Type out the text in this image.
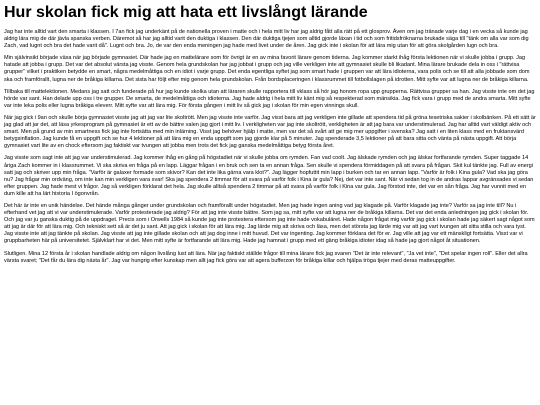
Hur skolan fick mig att hata ett livslångt lärande

Jag har inte alltid vart den smarta i klassen. I 7an fick jag underkänt på de nationella proven i matte och i hela mitt liv har jag aldrig fått alla rätt på ett glosprov. Även om jag tränade varje dag i en vecka så kunde jag aldrig lära mig de där jävla spanska verben. Däremot så har jag alltid varit den duktiga i klassen. Den där duktiga tjejen som alltid gjorde läxan i tid och som fritidsfröknarna brukade säga till "tänk om alla var som dig Zach, vad lugnt och bra det hade varit då". Lugnt och bra. Jo, de var den enda meningen jag hade med livet under de åren. Jag gick inte i skolan för att lära mig utan för att göra skolgården lugn och bra.

Min självinsikt började växa när jag började gymnasiet. Där hade jag en mattelärare som för övrigt är en av mina favorit lärare genom tiderna. Jag kommer starkt ihåg första lektionen när vi skulle jobba i grupp. Jag hatade att jobba i grupp. Det var det absolut värsta jag visste. Genom hela grundskolan har jag jobbat i grupp och jag ville verkligen inte att gymnasiet skulle bli likadant. Mina lärare brukade dela in oss i "rättvisa grupper" vilket i praktiken betydde en smart, några medelmåttiga och en idiot i varje grupp. Det enda egentliga syftet jag som smart hade i gruppen var att lära idioterna, vara polis och se till att alla jobbade som dom ska och framförallt, lugna ner de bråkiga killarna. Det sista har följt efter mig genom hela grundskolan. Från bordsplaceringen i klassrummet till fotbollslagen på idrotten. Mitt syfte var att lugna ner de bråkiga killarna.

Tillbaka till mattelektionen. Medans jag satt och funderade på hur jag kunde skolka utan att läraren skulle rapportera till vklass så hör jag honom ropa upp grupperna. Rättvisa grupper sa han. Jag visste inte om det jag hörde var sant. Han delade upp oss i tre grupper. De smarta, de medelmåttiga och idioterna. Jag hade aldrig i hela mitt liv känt mig så respekterad som mänsikia. Jag fick vara i grupp med de andra smarta. Mitt syfte var inte leka polis eller lugna bråkiga eleverr. Mitt syfte var att lära mig. För första gången i mitt liv så gick jag i skolan för min egen vinnings skull.

När jag gick i 9an och skulle börja gymnasiet visste jag att jag var lite skoltrött. Men jag visste inte varför. Jag visst bara att jag verkligen inte gillade att spendera tid på gröna tesetriska sakier i skolbänken. På ett sätt är jag glad att jar det, att läsa yrkesprogram på gymnasiet är ett av de bättre valen jag gjort i mitt liv. I verkligheten var jag inte skoltrött, verkligheten är att jag bara var understimulerad. Jag har alltid vart väldigt aktiv och smart. Men på grund av min smartness fick jag inte fortsätta med min inlärning. Visst jag behöver hjälp i matte, men var det så svårt att ge mig mer uppgifter i svenska? Jag satt i en liten klass med en fruktansvärd betygsinflation. Jag kunde få en uppgift och se hur 4 lektioner på att lära mig en enda uppgift som jag gjorde klar på 5 minuter. Jag spenderade 3,5 lektioner på att bara sitta och vänta på nästa uppgift. Att börja gymnasiet vart lite av en chock eftersom jag faktiskt var tvungen att jobba men trots det fick jag ganska medelmåttiga betyg första året.

Jag visste som sagt inte att jag var understimulerad. Jag kommer ihåg en gång på högstadiet när vi skulle jobba om rymden. Fan vad coolt. Jag älskade rymden och jag älskar fortfarande rymden. Super taggade 14 åriga Zach kommer in i klassrummet. Vi ska skriva en fråga på en lapp. Läggar frågan i en bruk och sen ta en annan fråga. Sen skulle vi spendera förmiddagen på att svara på frågan. Skit kul tänkte jag. Full av energi satt jag och skriver upp min fråga. "Varför är galaxer formade som skivor? Kan det inte lika gärna vara klot?". Jag lägger hopfuttit min lapp i burken och tar en annan lapp. "Varför är folk i Kina gula? Vad ska jag göra nu? Jag frågar min ordväng, om inte kan min verkligen vara svar! Ska jag spendera 2 timmar för att svara på varför folk i Kina är gula? Nej, det var inte sant. När vi sedan tog in de andras lappar avgränsades vi sedan efter gruppen. Jag hade mest vi frågor. Jag så verkligen förklarat det hela. Jag skulle alltså spendera 2 timmar på att svara på varför folk i Kina var gula. Jag förstod inte, det var en sån fråga. Jag har vunnit med en dum kille att ha lärt historia I ögonvrån.

Det här är inte en unik händelse. Det hände många gånger under grundskolan och framförallt under högstadiet. Men jag hade ingen aning vad jag klagade på. Varför klagade jag inte? Varför sa jag inte till? Nu i efterhand vet jag att vi var understimulerade. Varför protesterade jag aldrig? För att jag inte visste bättre. Som jag sa, mitt syfte var att lugna ner de bråkiga killarna. Det var det enda anledningen jag gick i skolan för. Och jag var ju ganska duktig på de uppdraget. Precis som i Orwells 1984 så kunde jag inte protestera eftersom jag inte hade vokabuläret. Hade någon frågat mig varför jag gick i skolan hade jag säkert sagt något som att jag är där för att lära mig. Och tekniskt sett så är det ju sant. Att jag gick i skolan för att lära mig. Jag lärde mig att skriva och läsa, men det största jag lärde mig var att jag vart tvungen att sitta stilla och vara tyst. Jag visste inte att jag tänkte på skolan. Jag visste att jag inte gillade skolan och att jag dog inne i mitt huvud. Det var ingenting. Jag kommer förklara det för er. Jag ville att jag var ett mänskligt fortsätta. Visst var vi gruppbarheten här på universitetet. Självklart har vi det. Men mitt syfte är fortfarande att lära mig. Hade jag hamnat i grupp med ett gäng bråkiga idioter idag så hade jag gjort något åt situationen.

Slutligen. Mina 12 första år i skolan handlade aldrig om någon livslång lust att lära. När jag faktiskt ställde frågor till mina lärare fick jag svaren "Det är inte relevant", "Ja vet inte", "Det spelar ingen roll". Eller det allra värsta svaret; "Det får du lära dig nästa år". Jag var hungrig efter kunskap men allt jag fick göra var att agera bufferzon för bråkiga killar och hjälpa tröga tjejer med deras matteuppgifter.
